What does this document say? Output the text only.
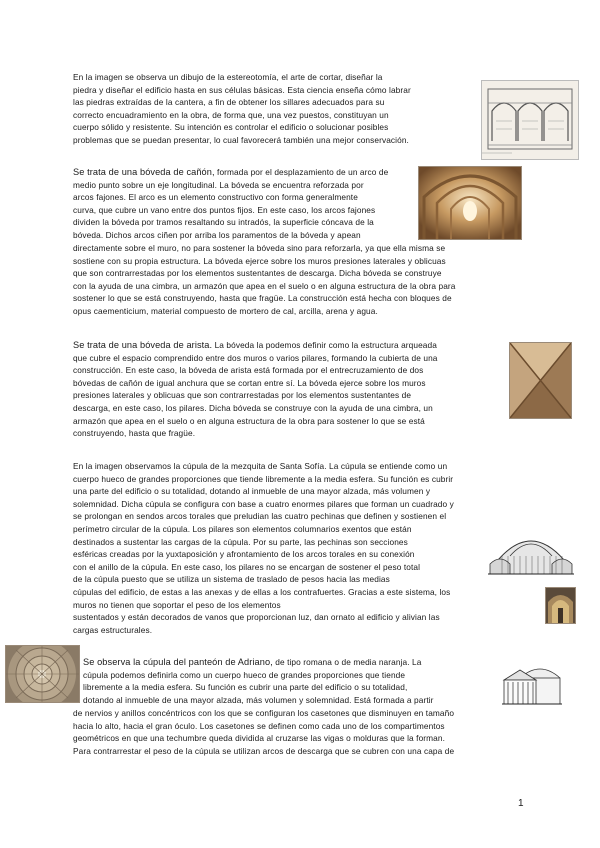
En la imagen se observa un dibujo de la estereotomía, el arte de cortar, diseñar la
piedra y diseñar el edificio hasta en sus células básicas. Esta ciencia enseña cómo labrar
las piedras extraídas de la cantera, a fin de obtener los sillares adecuados para su
correcto encuadramiento en la obra, de forma que, una vez puestos, constituyan un
cuerpo sólido y resistente. Su intención es controlar el edificio o solucionar posibles
problemas que se puedan presentar, lo cual favorecerá también una mejor conservación.
Se trata de una bóveda de cañón, formada por el desplazamiento de un arco de
medio punto sobre un eje longitudinal. La bóveda se encuentra reforzada por
arcos fajones. El arco es un elemento constructivo con forma generalmente
curva, que cubre un vano entre dos puntos fijos. En este caso, los arcos fajones
dividen la bóveda por tramos resaltando su intradós, la superficie cóncava de la
bóveda. Dichos arcos ciñen por arriba los paramentos de la bóveda y apean
directamente sobre el muro, no para sostener la bóveda sino para reforzarla, ya que ella misma se
sostiene con su propia estructura. La bóveda ejerce sobre los muros presiones laterales y oblicuas
que son contrarrestadas por los elementos sustentantes de descarga. Dicha bóveda se construye
con la ayuda de una cimbra, un armazón que apea en el suelo o en alguna estructura de la obra para
sostener lo que se está construyendo, hasta que fragüe. La construcción está hecha con bloques de
opus caementicium, material compuesto de mortero de cal, arcilla, arena y agua.
Se trata de una bóveda de arista. La bóveda la podemos definir como la estructura arqueada
que cubre el espacio comprendido entre dos muros o varios pilares, formando la cubierta de una
construcción. En este caso, la bóveda de arista está formada por el entrecruzamiento de dos
bóvedas de cañón de igual anchura que se cortan entre sí. La bóveda ejerce sobre los muros
presiones laterales y oblicuas que son contrarrestadas por los elementos sustentantes de
descarga, en este caso, los pilares. Dicha bóveda se construye con la ayuda de una cimbra, un
armazón que apea en el suelo o en alguna estructura de la obra para sostener lo que se está
construyendo, hasta que fragüe.
En la imagen observamos la cúpula de la mezquita de Santa Sofía. La cúpula se entiende como un
cuerpo hueco de grandes proporciones que tiende libremente a la media esfera. Su función es cubrir
una parte del edificio o su totalidad, dotando al inmueble de una mayor alzada, más volumen y
solemnidad. Dicha cúpula se configura con base a cuatro enormes pilares que forman un cuadrado y
se prolongan en sendos arcos torales que preludian las cuatro pechinas que definen y sostienen el
perímetro circular de la cúpula. Los pilares son elementos columnarios exentos que están
destinados a sustentar las cargas de la cúpula. Por su parte, las pechinas son secciones
esféricas creadas por la yuxtaposición y afrontamiento de los arcos torales en su conexión
con el anillo de la cúpula. En este caso, los pilares no se encargan de sostener el peso total
de la cúpula puesto que se utiliza un sistema de traslado de pesos hacia las medias
cúpulas del edificio, de estas a las anexas y de ellas a los contrafuertes. Gracias a este sistema, los
muros no tienen que soportar el peso de los elementos
sustentados y están decorados de vanos que proporcionan luz, dan ornato al edificio y alivian las
cargas estructurales.
Se observa la cúpula del panteón de Adriano, de tipo romana o de media naranja. La
cúpula podemos definirla como un cuerpo hueco de grandes proporciones que tiende
libremente a la media esfera. Su función es cubrir una parte del edificio o su totalidad,
dotando al inmueble de una mayor alzada, más volumen y solemnidad. Está formada a partir
de nervios y anillos concéntricos con los que se configuran los casetones que disminuyen en tamaño
hacia lo alto, hacia el gran óculo. Los casetones se definen como cada uno de los compartimentos
geométricos en que una techumbre queda dividida al cruzarse las vigas o molduras que la forman.
Para contrarrestar el peso de la cúpula se utilizan arcos de descarga que se cubren con una capa de
1
